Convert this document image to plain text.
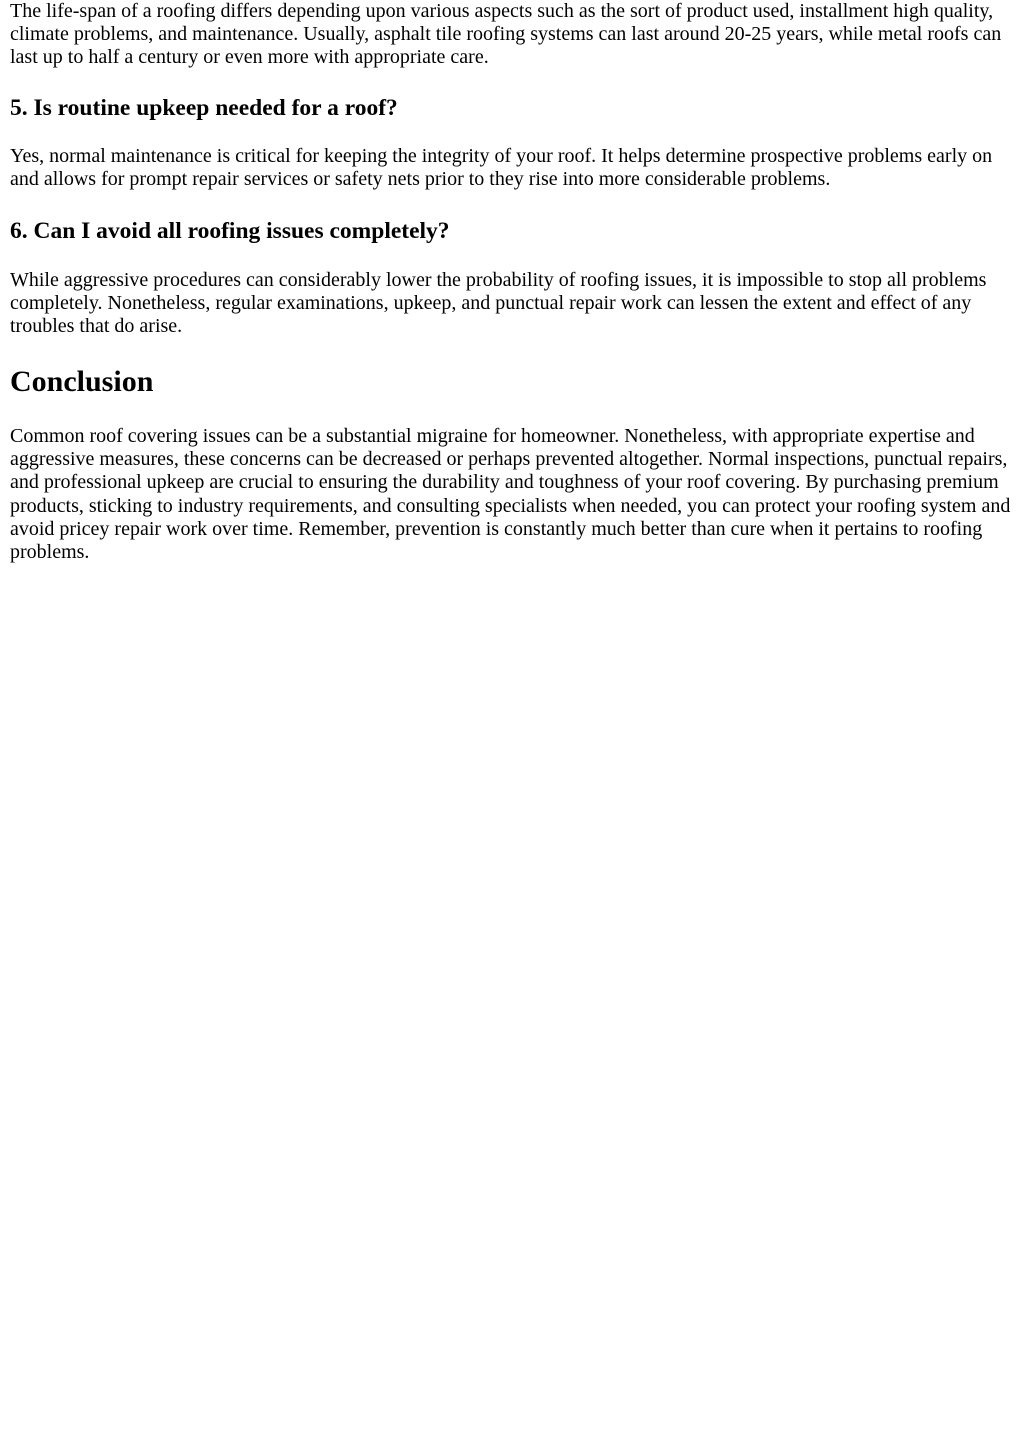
The life-span of a roofing differs depending upon various aspects such as the sort of product used, installment high quality, climate problems, and maintenance. Usually, asphalt tile roofing systems can last around 20-25 years, while metal roofs can last up to half a century or even more with appropriate care.

5. Is routine upkeep needed for a roof?

Yes, normal maintenance is critical for keeping the integrity of your roof. It helps determine prospective problems early on and allows for prompt repair services or safety nets prior to they rise into more considerable problems.

6. Can I avoid all roofing issues completely?

While aggressive procedures can considerably lower the probability of roofing issues, it is impossible to stop all problems completely. Nonetheless, regular examinations, upkeep, and punctual repair work can lessen the extent and effect of any troubles that do arise.

Conclusion

Common roof covering issues can be a substantial migraine for homeowner. Nonetheless, with appropriate expertise and aggressive measures, these concerns can be decreased or perhaps prevented altogether. Normal inspections, punctual repairs, and professional upkeep are crucial to ensuring the durability and toughness of your roof covering. By purchasing premium products, sticking to industry requirements, and consulting specialists when needed, you can protect your roofing system and avoid pricey repair work over time. Remember, prevention is constantly much better than cure when it pertains to roofing problems.
